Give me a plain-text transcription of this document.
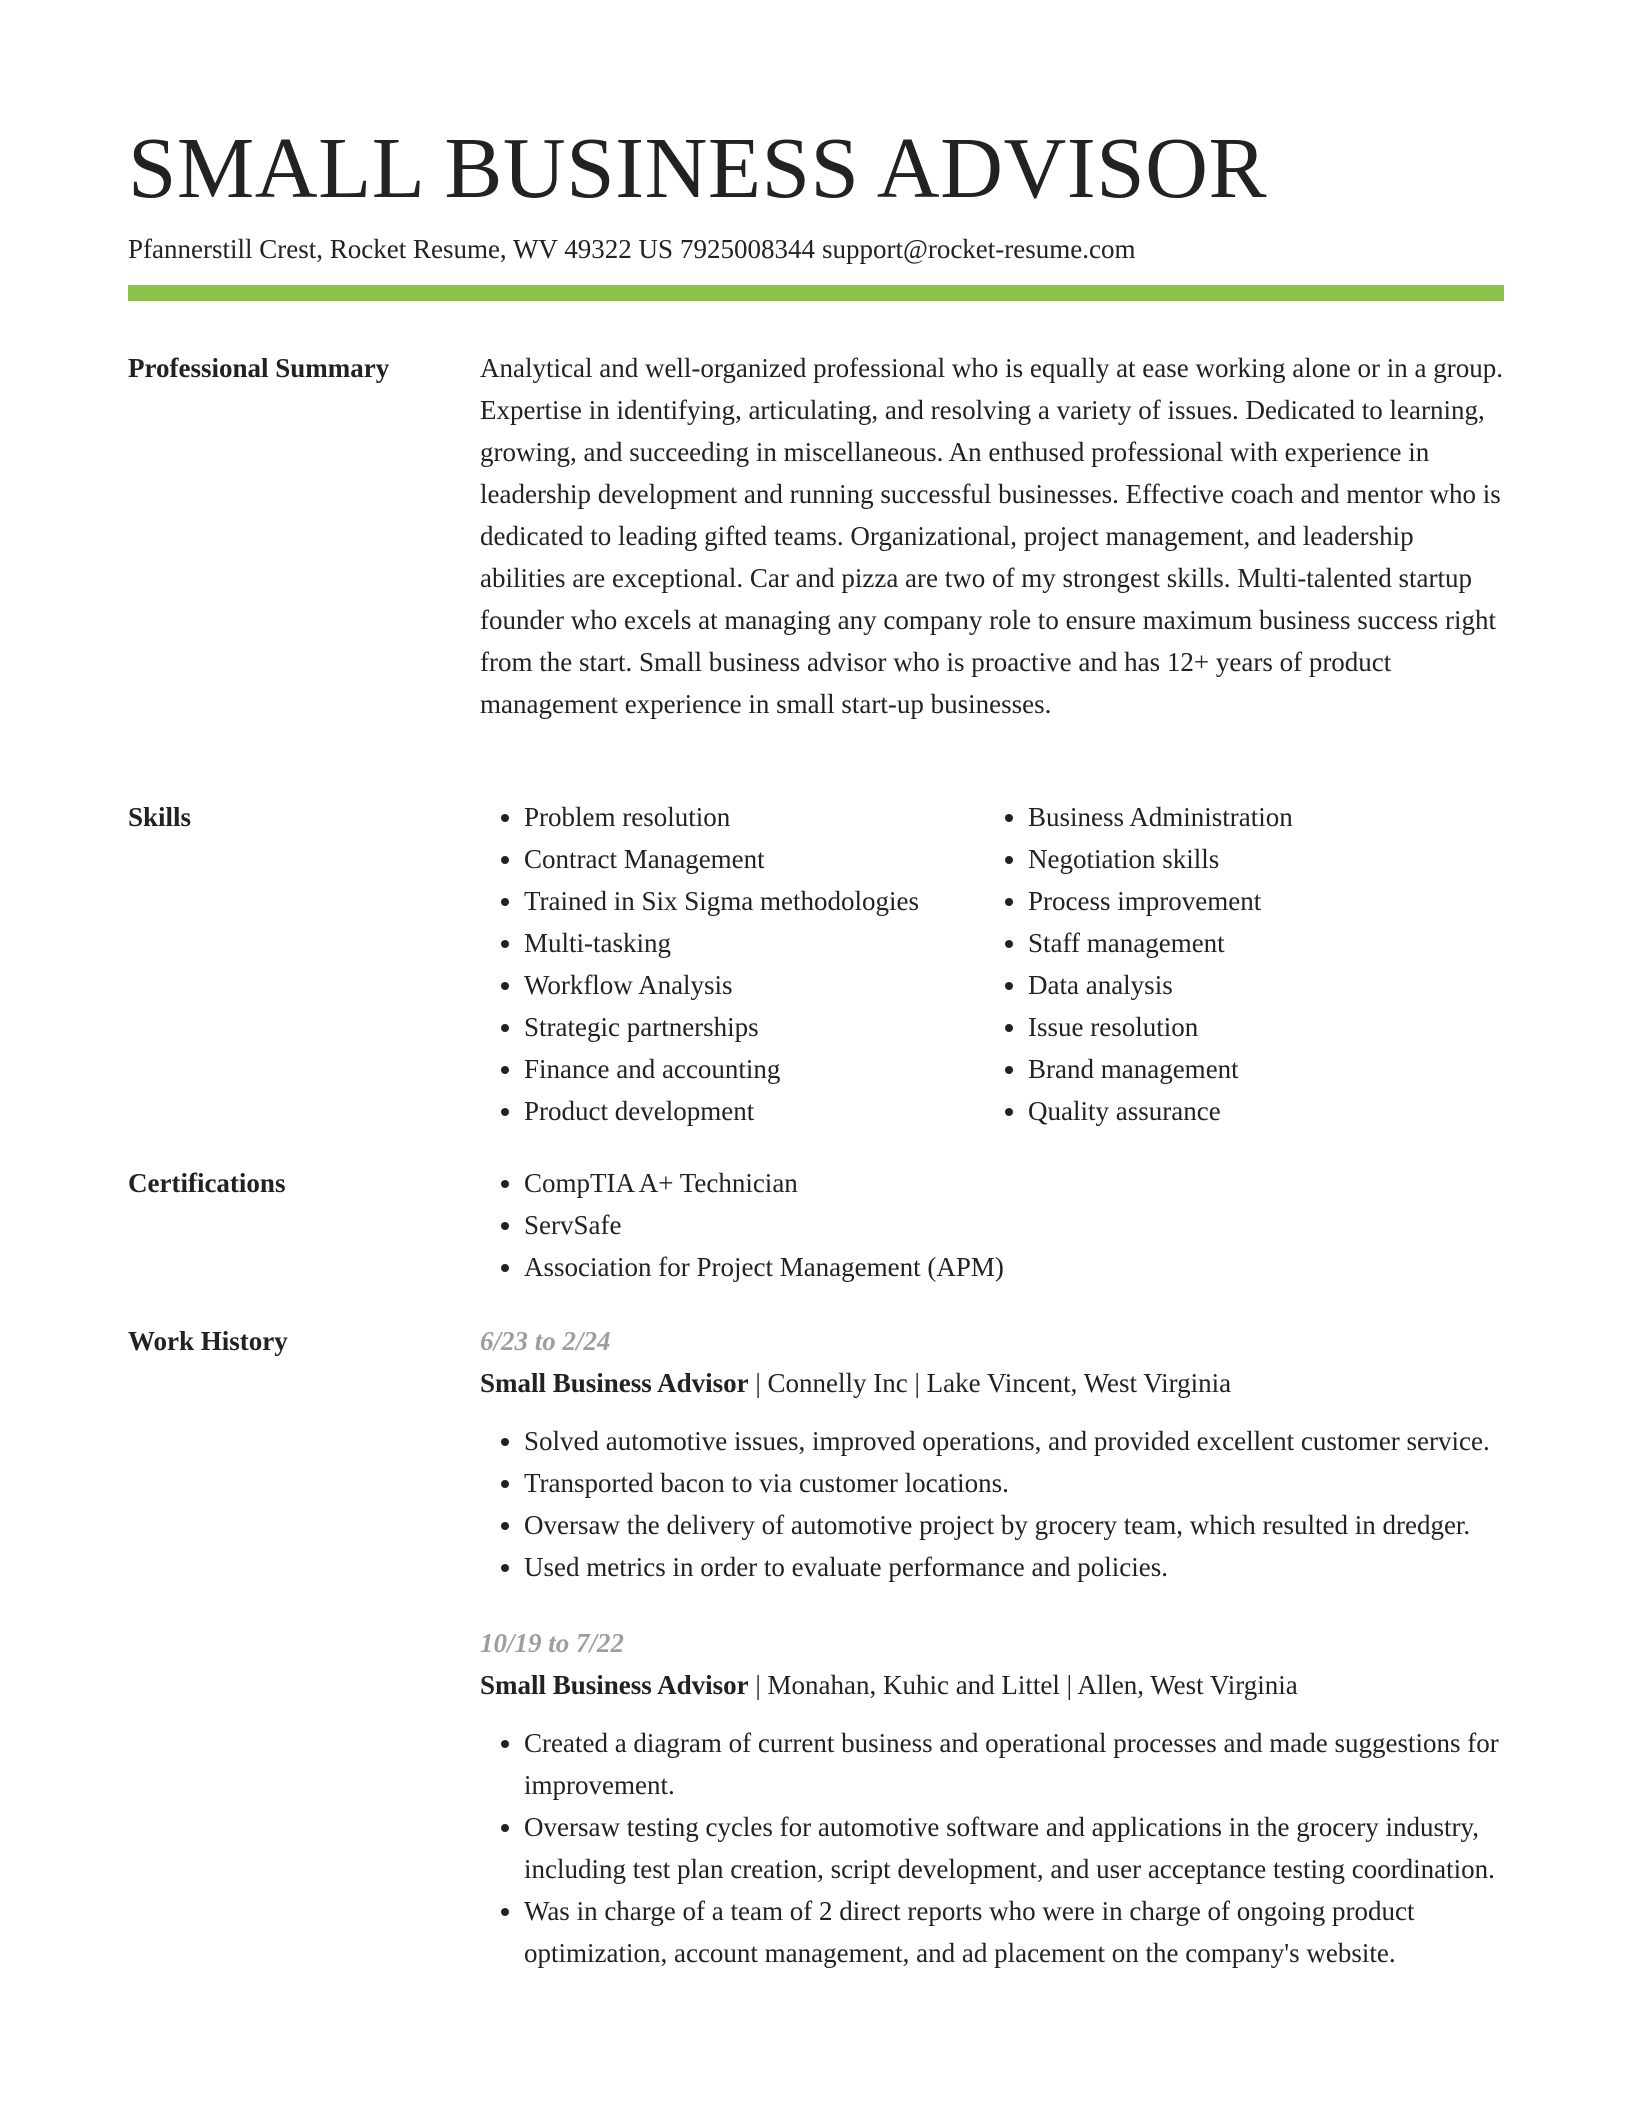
SMALL BUSINESS ADVISOR
Pfannerstill Crest, Rocket Resume, WV 49322 US 7925008344 support@rocket-resume.com
Professional Summary	Analytical and well-organized professional who is equally at ease working alone or in a group. Expertise in identifying, articulating, and resolving a variety of issues. Dedicated to learning, growing, and succeeding in miscellaneous. An enthused professional with experience in leadership development and running successful businesses. Effective coach and mentor who is dedicated to leading gifted teams. Organizational, project management, and leadership abilities are exceptional. Car and pizza are two of my strongest skills. Multi-talented startup founder who excels at managing any company role to ensure maximum business success right from the start. Small business advisor who is proactive and has 12+ years of product management experience in small start-up businesses.

Skills	• Problem resolution
• Contract Management
• Trained in Six Sigma methodologies
• Multi-tasking
• Workflow Analysis
• Strategic partnerships
• Finance and accounting
• Product development
• Business Administration
• Negotiation skills
• Process improvement
• Staff management
• Data analysis
• Issue resolution
• Brand management
• Quality assurance
Certifications	• CompTIA A+ Technician
• ServSafe
• Association for Project Management (APM)
Work History	6/23 to 2/24
Small Business Advisor | Connelly Inc | Lake Vincent, West Virginia
• Solved automotive issues, improved operations, and provided excellent customer service.
• Transported bacon to via customer locations.
• Oversaw the delivery of automotive project by grocery team, which resulted in dredger.
• Used metrics in order to evaluate performance and policies.
10/19 to 7/22
Small Business Advisor | Monahan, Kuhic and Littel | Allen, West Virginia
• Created a diagram of current business and operational processes and made suggestions for improvement.
• Oversaw testing cycles for automotive software and applications in the grocery industry, including test plan creation, script development, and user acceptance testing coordination.
• Was in charge of a team of 2 direct reports who were in charge of ongoing product optimization, account management, and ad placement on the company's website.
